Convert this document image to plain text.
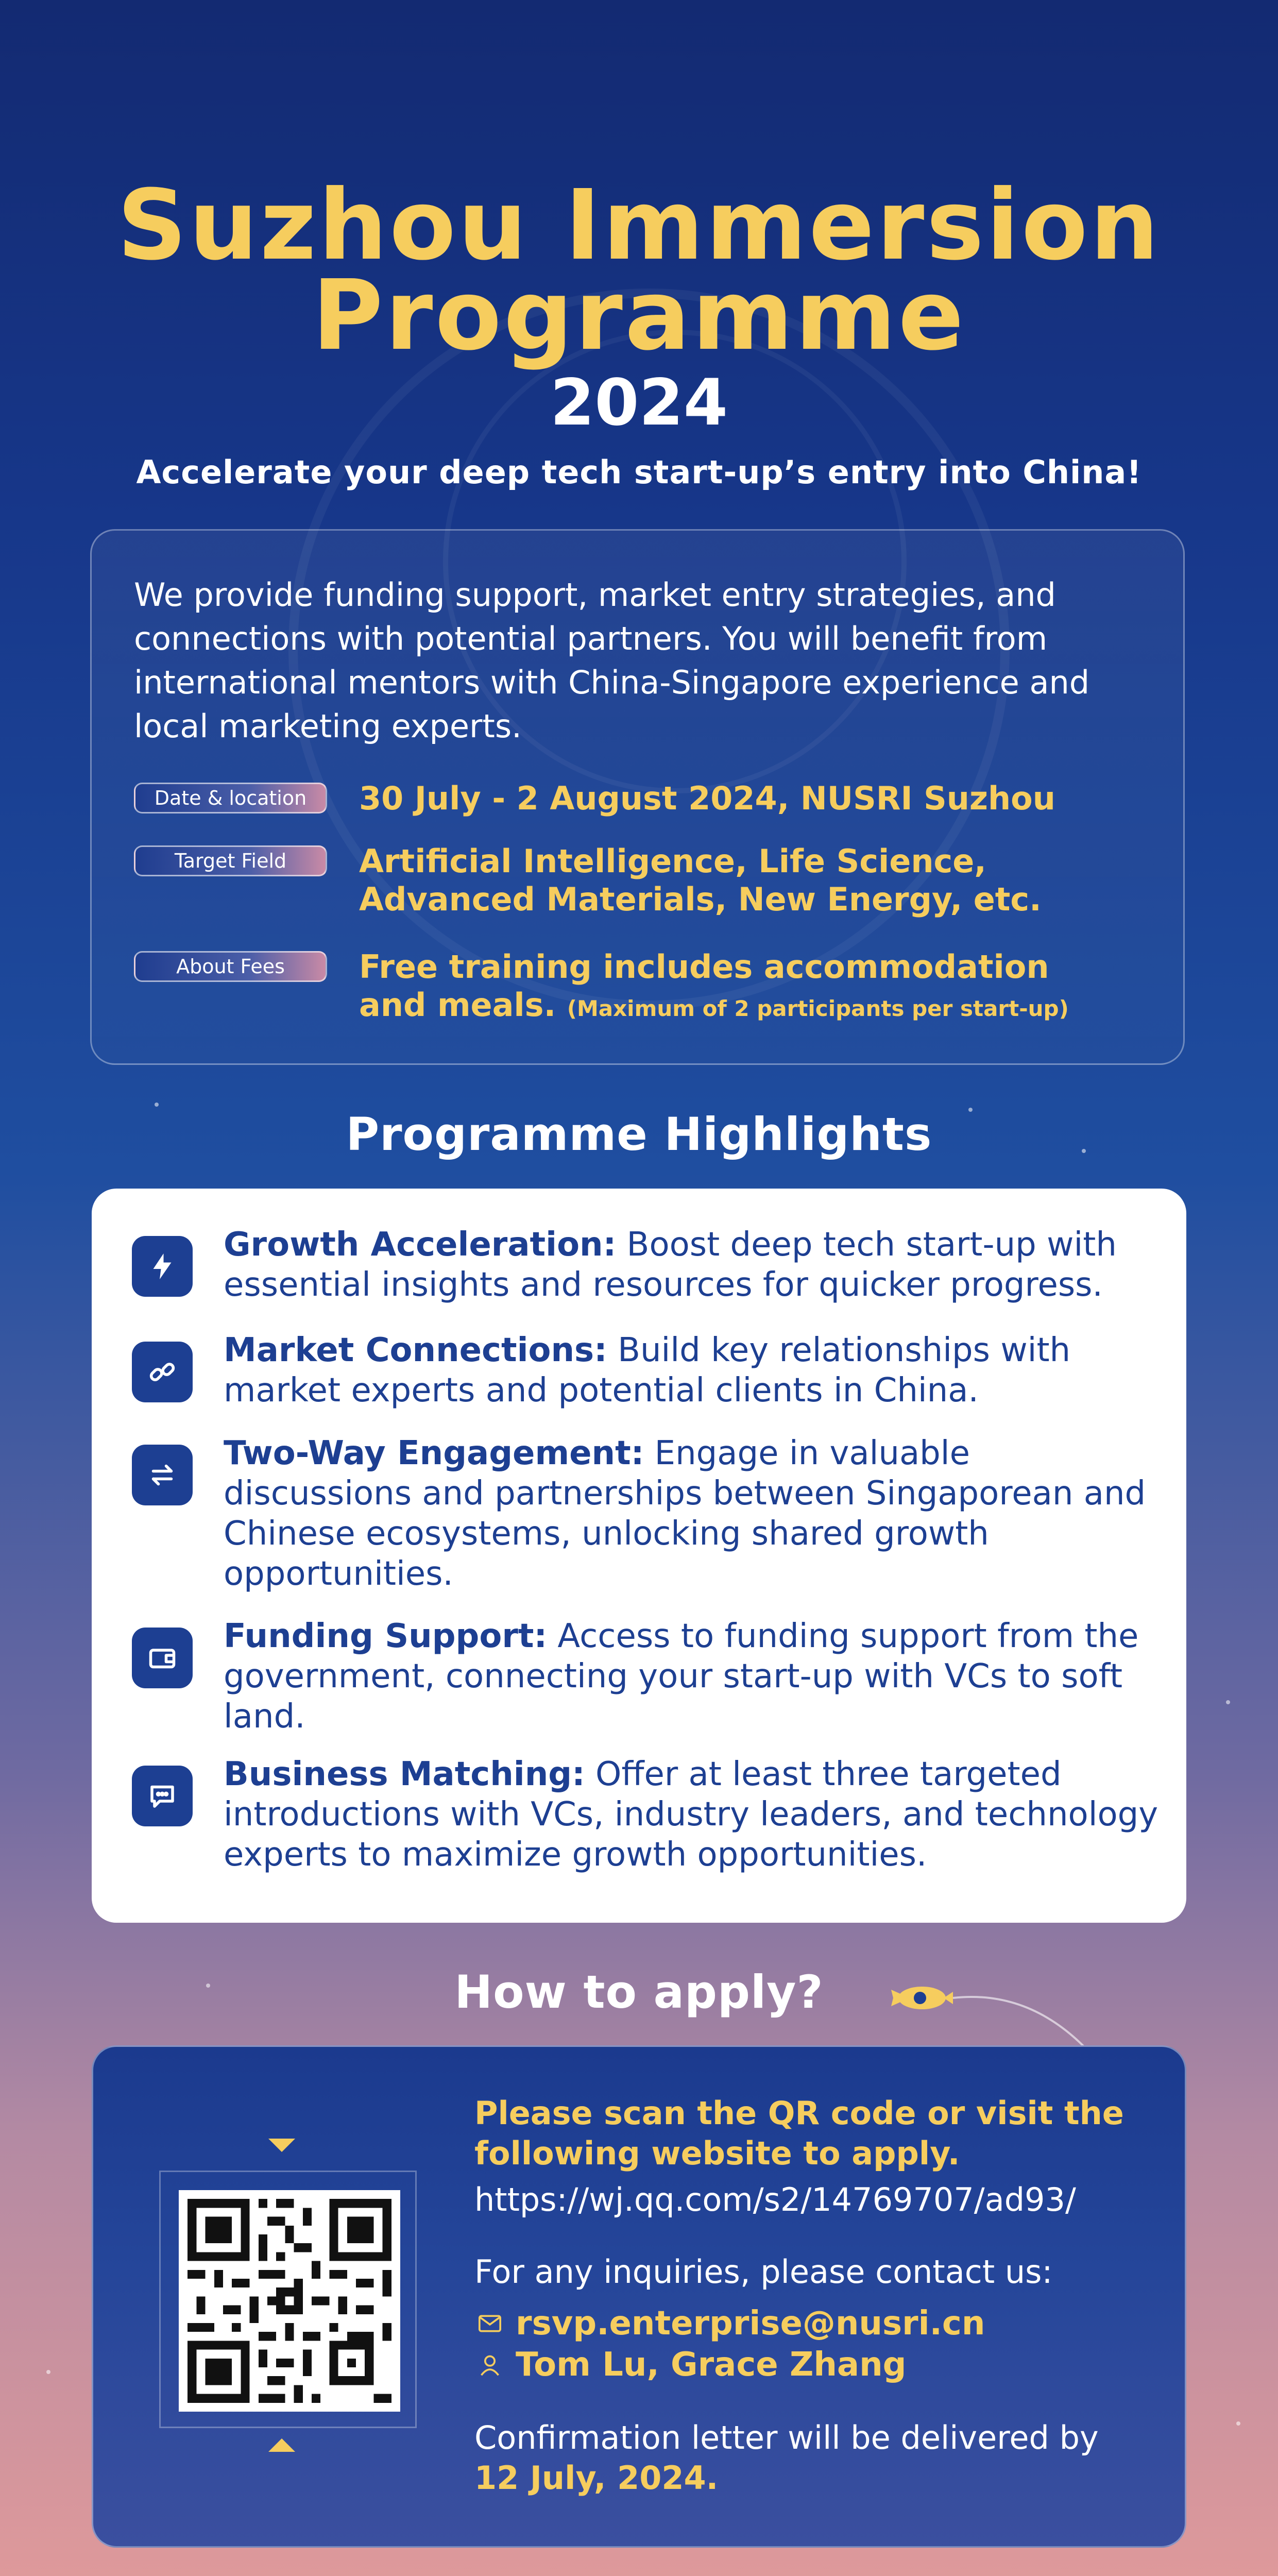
Suzhou Immersion
Programme
2024
Accelerate your deep tech start-up’s entry into China!
We provide funding support, market entry strategies, and connections with potential partners. You will benefit from international mentors with China-Singapore experience and local marketing experts.
Date & location	30 July - 2 August 2024, NUSRI Suzhou
Target Field	Artificial Intelligence, Life Science,
Advanced Materials, New Energy, etc.
About Fees	Free training includes accommodation
and meals. (Maximum of 2 participants per start-up)
Programme Highlights
Growth Acceleration: Boost deep tech start-up with essential insights and resources for quicker progress.
Market Connections: Build key relationships with market experts and potential clients in China.
Two-Way Engagement: Engage in valuable discussions and partnerships between Singaporean and Chinese ecosystems, unlocking shared growth opportunities.
Funding Support: Access to funding support from the government, connecting your start-up with VCs to soft land.
Business Matching: Offer at least three targeted introductions with VCs, industry leaders, and technology experts to maximize growth opportunities.
How to apply?
Please scan the QR code or visit the following website to apply.
https://wj.qq.com/s2/14769707/ad93/
For any inquiries, please contact us:
rsvp.enterprise@nusri.cn
Tom Lu, Grace Zhang
Confirmation letter will be delivered by
12 July, 2024.
